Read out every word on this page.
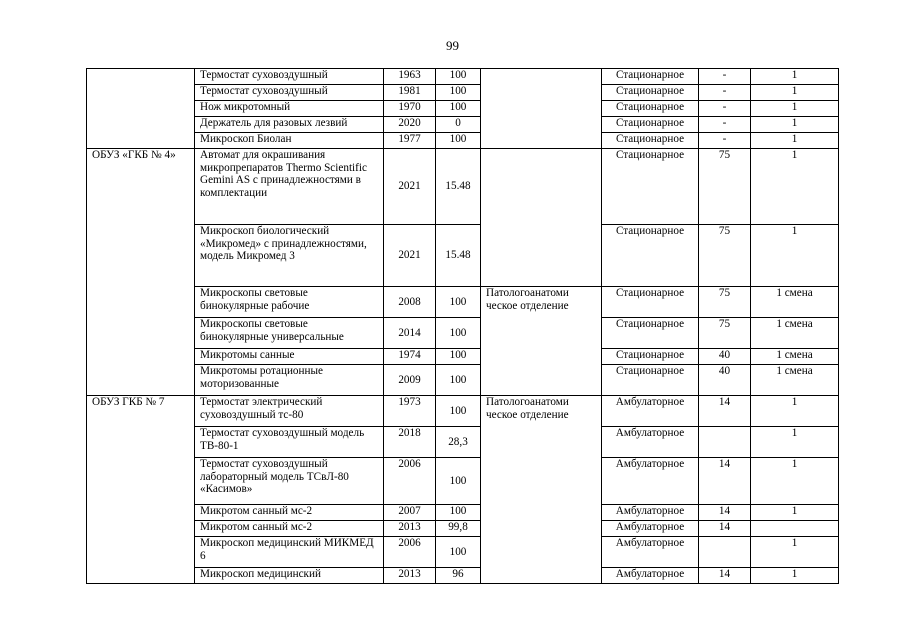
99
	Термостат суховоздушный	1963	100		Стационарное	-	1
	Термостат суховоздушный	1981	100		Стационарное	-	1
	Нож микротомный	1970	100		Стационарное	-	1
	Держатель для разовых лезвий	2020	0		Стационарное	-	1
	Микроскоп Биолан	1977	100		Стационарное	-	1
ОБУЗ «ГКБ № 4»	Автомат для окрашивания микропрепаратов Thermo Scientific Gemini AS с принадлежностями в комплектации	2021	15.48		Стационарное	75	1
	Микроскоп биологический «Микромед» с принадлежностями, модель Микромед 3	2021	15.48		Стационарное	75	1
	Микроскопы световые бинокулярные рабочие	2008	100	Патологоанатоми ческое отделение	Стационарное	75	1 смена
	Микроскопы световые бинокулярные универсальные	2014	100		Стационарное	75	1 смена
	Микротомы санные	1974	100		Стационарное	40	1 смена
	Микротомы ротационные моторизованные	2009	100		Стационарное	40	1 смена
ОБУЗ ГКБ № 7	Термостат электрический суховоздушный тс-80	1973	100	Патологоанатоми ческое отделение	Амбулаторное	14	1
	Термостат суховоздушный модель ТВ-80-1	2018	28,3		Амбулаторное		1
	Термостат суховоздушный лабораторный модель ТСвЛ-80 «Касимов»	2006	100		Амбулаторное	14	1
	Микротом санный мс-2	2007	100		Амбулаторное	14	1
	Микротом санный мс-2	2013	99,8		Амбулаторное	14	
	Микроскоп медицинский МИКМЕД 6	2006	100		Амбулаторное		1
	Микроскоп медицинский	2013	96		Амбулаторное	14	1
